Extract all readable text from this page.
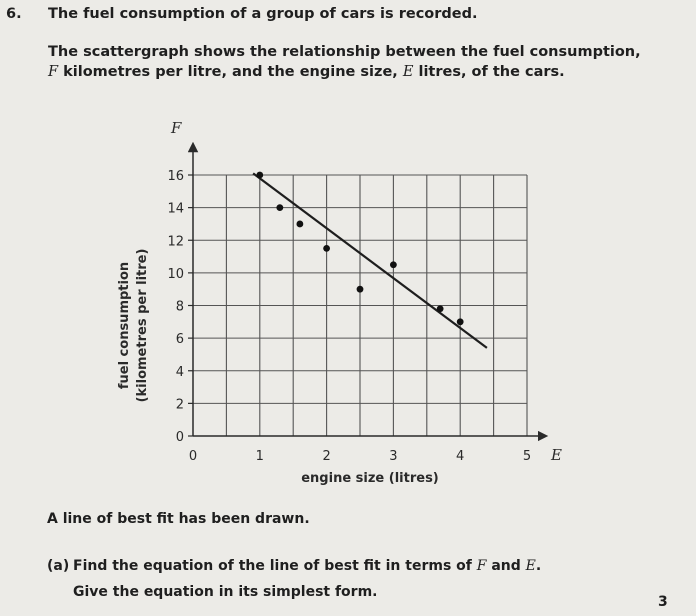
6. The fuel consumption of a group of cars is recorded.

The scattergraph shows the relationship between the fuel consumption,

F kilometres per litre, and the engine size, E litres, of the cars.

0
2
4
6
8
10
12
14
16
0	1	2	3	4	5
F
E
fuel consumption (kilometres per litre)
engine size (litres)
A line of best fit has been drawn.
(a) Find the equation of the line of best fit in terms of F and E.
Give the equation in its simplest form.
3
